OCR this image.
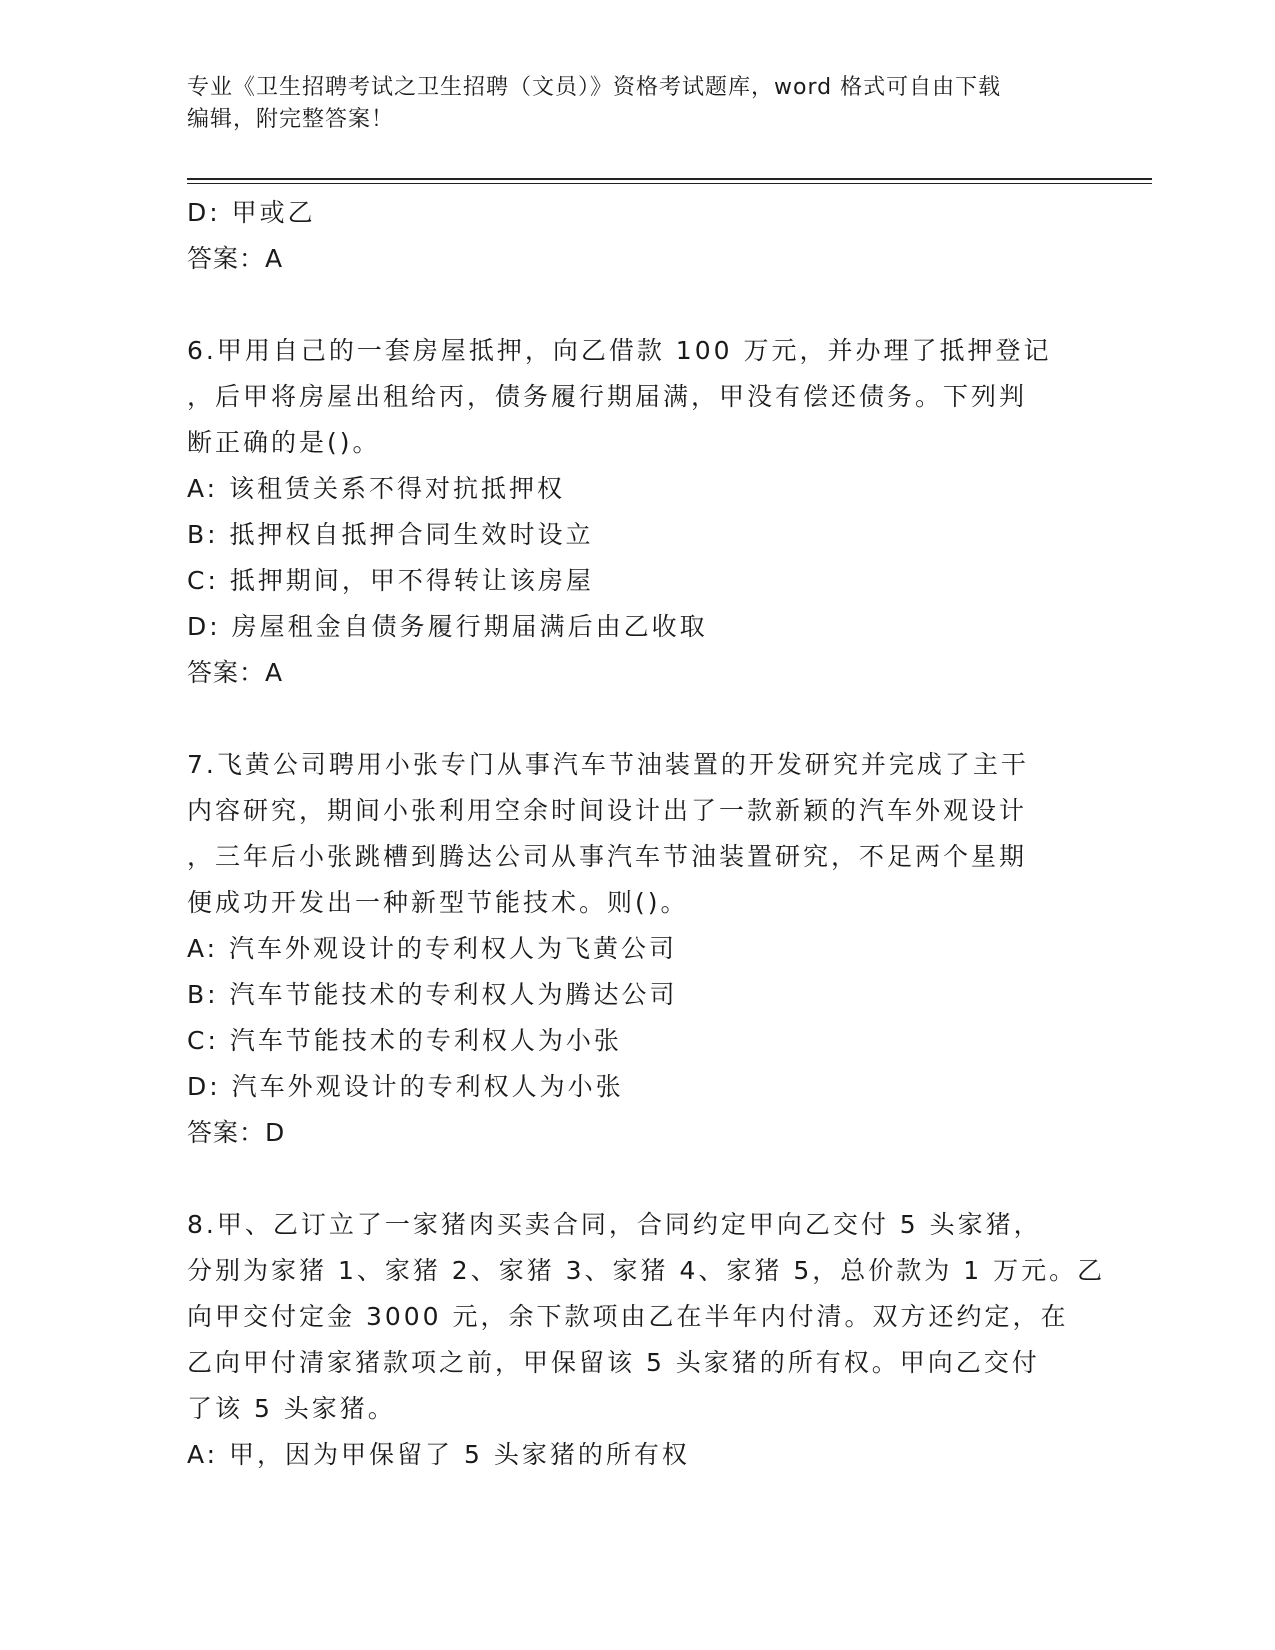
专业《卫生招聘考试之卫生招聘（文员）》资格考试题库，word 格式可自由下载
编辑，附完整答案！
D: 甲或乙
答案：A
6.甲用自己的一套房屋抵押，向乙借款 100 万元，并办理了抵押登记
，后甲将房屋出租给丙，债务履行期届满，甲没有偿还债务。下列判
断正确的是()。
A: 该租赁关系不得对抗抵押权
B: 抵押权自抵押合同生效时设立
C: 抵押期间，甲不得转让该房屋
D: 房屋租金自债务履行期届满后由乙收取
答案：A
7.飞黄公司聘用小张专门从事汽车节油装置的开发研究并完成了主干
内容研究，期间小张利用空余时间设计出了一款新颖的汽车外观设计
，三年后小张跳槽到腾达公司从事汽车节油装置研究，不足两个星期
便成功开发出一种新型节能技术。则()。
A: 汽车外观设计的专利权人为飞黄公司
B: 汽车节能技术的专利权人为腾达公司
C: 汽车节能技术的专利权人为小张
D: 汽车外观设计的专利权人为小张
答案：D
8.甲、乙订立了一家猪肉买卖合同，合同约定甲向乙交付 5 头家猪，
分别为家猪 1、家猪 2、家猪 3、家猪 4、家猪 5，总价款为 1 万元。乙
向甲交付定金 3000 元，余下款项由乙在半年内付清。双方还约定，在
乙向甲付清家猪款项之前，甲保留该 5 头家猪的所有权。甲向乙交付
了该 5 头家猪。
A: 甲，因为甲保留了 5 头家猪的所有权
